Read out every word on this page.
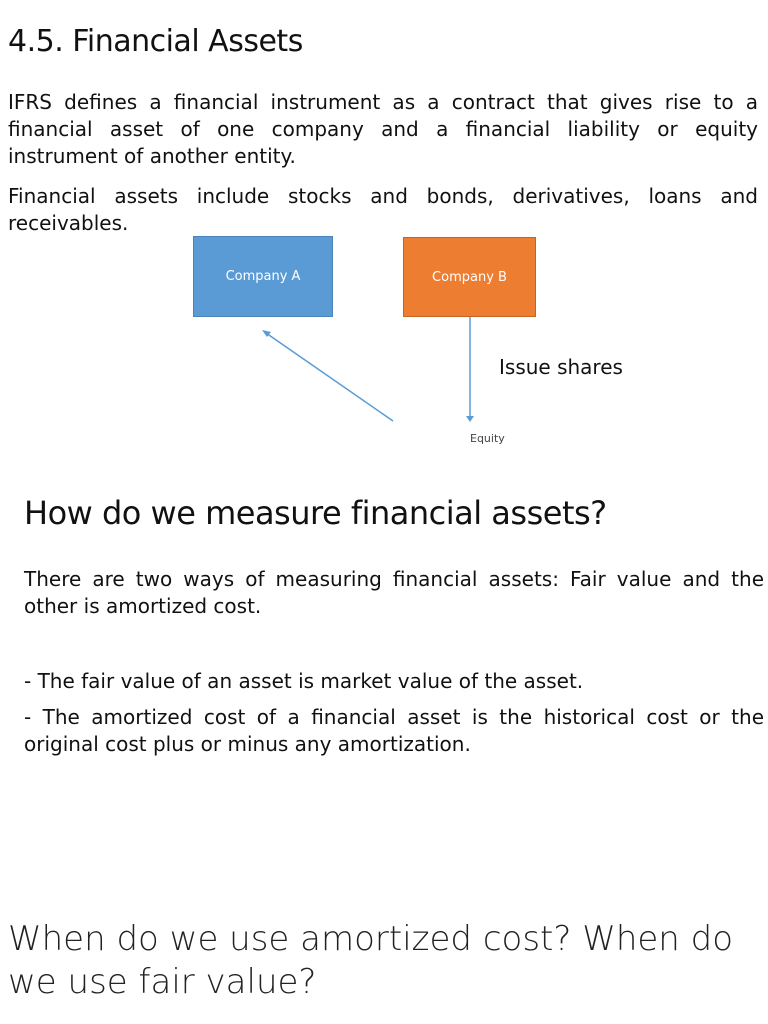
4.5. Financial Assets

IFRS defines a financial instrument as a contract that gives rise to a financial asset of one company and a financial liability or equity instrument of another entity.

Financial assets include stocks and bonds, derivatives, loans and receivables.

Company A	Company B
Issue shares
Equity
How do we measure financial assets?

There are two ways of measuring financial assets: Fair value and the other is amortized cost.

- The fair value of an asset is market value of the asset.

- The amortized cost of a financial asset is the historical cost or the original cost plus or minus any amortization.

When do we use amortized cost? When do we use fair value?
